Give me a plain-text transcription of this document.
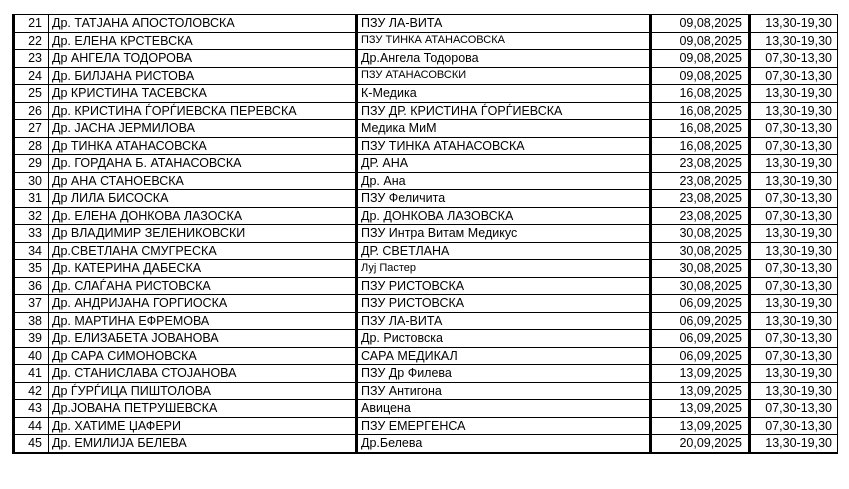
21	Др. ТАТЈАНА АПОСТОЛОВСКА	ПЗУ ЛА-ВИТА	09,08,2025	13,30-19,30
22	Др. ЕЛЕНА КРСТЕВСКА	ПЗУ ТИНКА АТАНАСОВСКА	09,08,2025	13,30-19,30
23	Др АНГЕЛА ТОДОРОВА	Др.Ангела Тодорова	09,08,2025	07,30-13,30
24	Др. БИЛЈАНА РИСТОВА	ПЗУ АТАНАСОВСКИ	09,08,2025	07,30-13,30
25	Др КРИСТИНА ТАСЕВСКА	К-Медика	16,08,2025	13,30-19,30
26	Др. КРИСТИНА ЃОРЃИЕВСКА ПЕРЕВСКА	ПЗУ ДР. КРИСТИНА ЃОРЃИЕВСКА	16,08,2025	13,30-19,30
27	Др. ЈАСНА ЈЕРМИЛОВА	Медика МиМ	16,08,2025	07,30-13,30
28	Др ТИНКА АТАНАСОВСКА	ПЗУ ТИНКА АТАНАСОВСКА	16,08,2025	07,30-13,30
29	Др. ГОРДАНА Б. АТАНАСОВСКА	ДР. АНА	23,08,2025	13,30-19,30
30	Др АНА СТАНОЕВСКА	Др. Ана	23,08,2025	13,30-19,30
31	Др ЛИЛА БИСОСКА	ПЗУ Феличита	23,08,2025	07,30-13,30
32	Др. ЕЛЕНА ДОНКОВА ЛАЗОСКА	Др. ДОНКОВА ЛАЗОВСКА	23,08,2025	07,30-13,30
33	Др ВЛАДИМИР ЗЕЛЕНИКОВСКИ	ПЗУ Интра Витам Медикус	30,08,2025	13,30-19,30
34	Др.СВЕТЛАНА СМУГРЕСКА	ДР. СВЕТЛАНА	30,08,2025	13,30-19,30
35	Др. КАТЕРИНА ДАБЕСКА	Луј Пастер	30,08,2025	07,30-13,30
36	Др. СЛАЃАНА РИСТОВСКА	ПЗУ РИСТОВСКА	30,08,2025	07,30-13,30
37	Др. АНДРИЈАНА ГОРГИОСКА	ПЗУ РИСТОВСКА	06,09,2025	13,30-19,30
38	Др. МАРТИНА ЕФРЕМОВА	ПЗУ ЛА-ВИТА	06,09,2025	13,30-19,30
39	Др. ЕЛИЗАБЕТА ЈОВАНОВА	Др. Ристовска	06,09,2025	07,30-13,30
40	Др САРА СИМОНОВСКА	САРА МЕДИКАЛ	06,09,2025	07,30-13,30
41	Др. СТАНИСЛАВА СТОЈАНОВА	ПЗУ Др Филева	13,09,2025	13,30-19,30
42	Др ЃУРЃИЦА ПИШТОЛОВА	ПЗУ Антигона	13,09,2025	13,30-19,30
43	Др.ЈОВАНА ПЕТРУШЕВСКА	Авицена	13,09,2025	07,30-13,30
44	Др. ХАТИМЕ ЏАФЕРИ	ПЗУ ЕМЕРГЕНСА	13,09,2025	07,30-13,30
45	Др. ЕМИЛИЈА БЕЛЕВА	Др.Белева	20,09,2025	13,30-19,30
